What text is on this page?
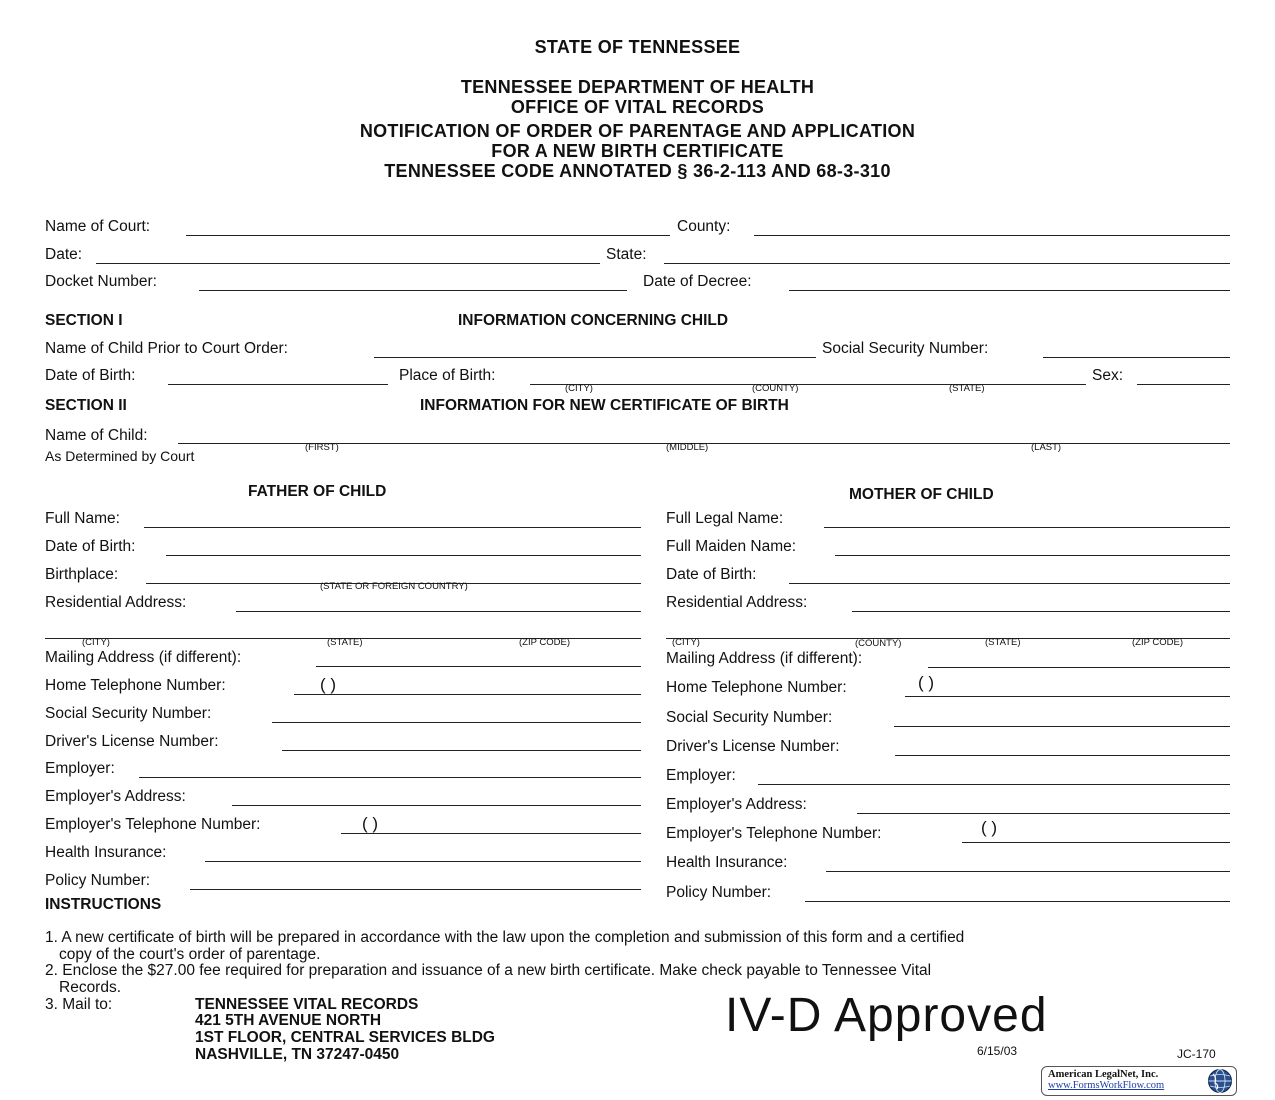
STATE OF TENNESSEE
TENNESSEE DEPARTMENT OF HEALTH
OFFICE OF VITAL RECORDS
NOTIFICATION OF ORDER OF PARENTAGE AND APPLICATION
FOR A NEW BIRTH CERTIFICATE
TENNESSEE CODE ANNOTATED § 36-2-113 AND 68-3-310
Name of Court:	County:
Date:	State:
Docket Number:	Date of Decree:
SECTION I	INFORMATION CONCERNING CHILD
Name of Child Prior to Court Order:	Social Security Number:
Date of Birth:	Place of Birth:	Sex:
(CITY)	(COUNTY)	(STATE)
SECTION II	INFORMATION FOR NEW CERTIFICATE OF BIRTH
Name of Child:
As Determined by Court
(FIRST)	(MIDDLE)	(LAST)
FATHER OF CHILD
Full Name:
Date of Birth:
Birthplace:
(STATE OR FOREIGN COUNTRY)
Residential Address:
(CITY)	(STATE)	(ZIP CODE)
Mailing Address (if different):
Home Telephone Number:	( )
Social Security Number:
Driver's License Number:
Employer:
Employer's Address:
Employer's Telephone Number:	( )
Health Insurance:
Policy Number:
MOTHER OF CHILD
Full Legal Name:
Full Maiden Name:
Date of Birth:
Residential Address:
(CITY)	(COUNTY)	(STATE)	(ZIP CODE)
Mailing Address (if different):
Home Telephone Number:	( )
Social Security Number:
Driver's License Number:
Employer:
Employer's Address:
Employer's Telephone Number:	( )
Health Insurance:
Policy Number:
INSTRUCTIONS
1. A new certificate of birth will be prepared in accordance with the law upon the completion and submission of this form and a certified
copy of the court's order of parentage.
2. Enclose the $27.00 fee required for preparation and issuance of a new birth certificate. Make check payable to Tennessee Vital
Records.
3. Mail to:	TENNESSEE VITAL RECORDS
421 5TH AVENUE NORTH
1ST FLOOR, CENTRAL SERVICES BLDG
NASHVILLE, TN 37247-0450
IV-D Approved
6/15/03	JC-170
American LegalNet, Inc.
www.FormsWorkFlow.com
